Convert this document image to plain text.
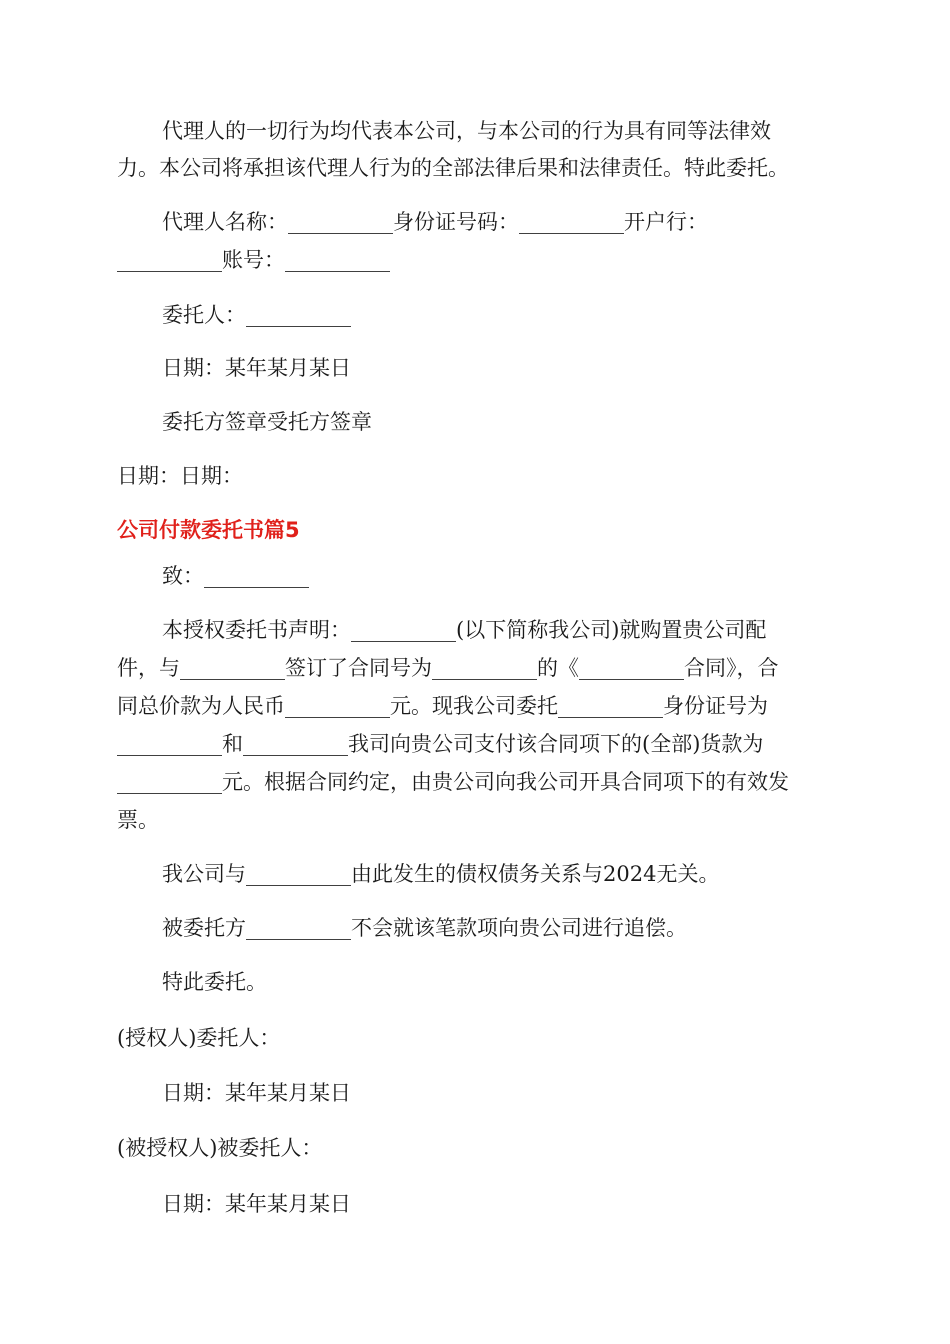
代理人的一切行为均代表本公司，与本公司的行为具有同等法律效
力。本公司将承担该代理人行为的全部法律后果和法律责任。特此委托。
代理人名称：__________身份证号码：__________开户行：
__________账号：__________
委托人：__________
日期：某年某月某日
委托方签章受托方签章
日期：日期：
公司付款委托书篇5
致：__________
本授权委托书声明：__________(以下简称我公司)就购置贵公司配
件，与__________签订了合同号为__________的《__________合同》，合
同总价款为人民币__________元。现我公司委托__________身份证号为
__________和__________我司向贵公司支付该合同项下的(全部)货款为
__________元。根据合同约定，由贵公司向我公司开具合同项下的有效发
票。
我公司与__________由此发生的债权债务关系与2024无关。
被委托方__________不会就该笔款项向贵公司进行追偿。
特此委托。
(授权人)委托人：
日期：某年某月某日
(被授权人)被委托人：
日期：某年某月某日
